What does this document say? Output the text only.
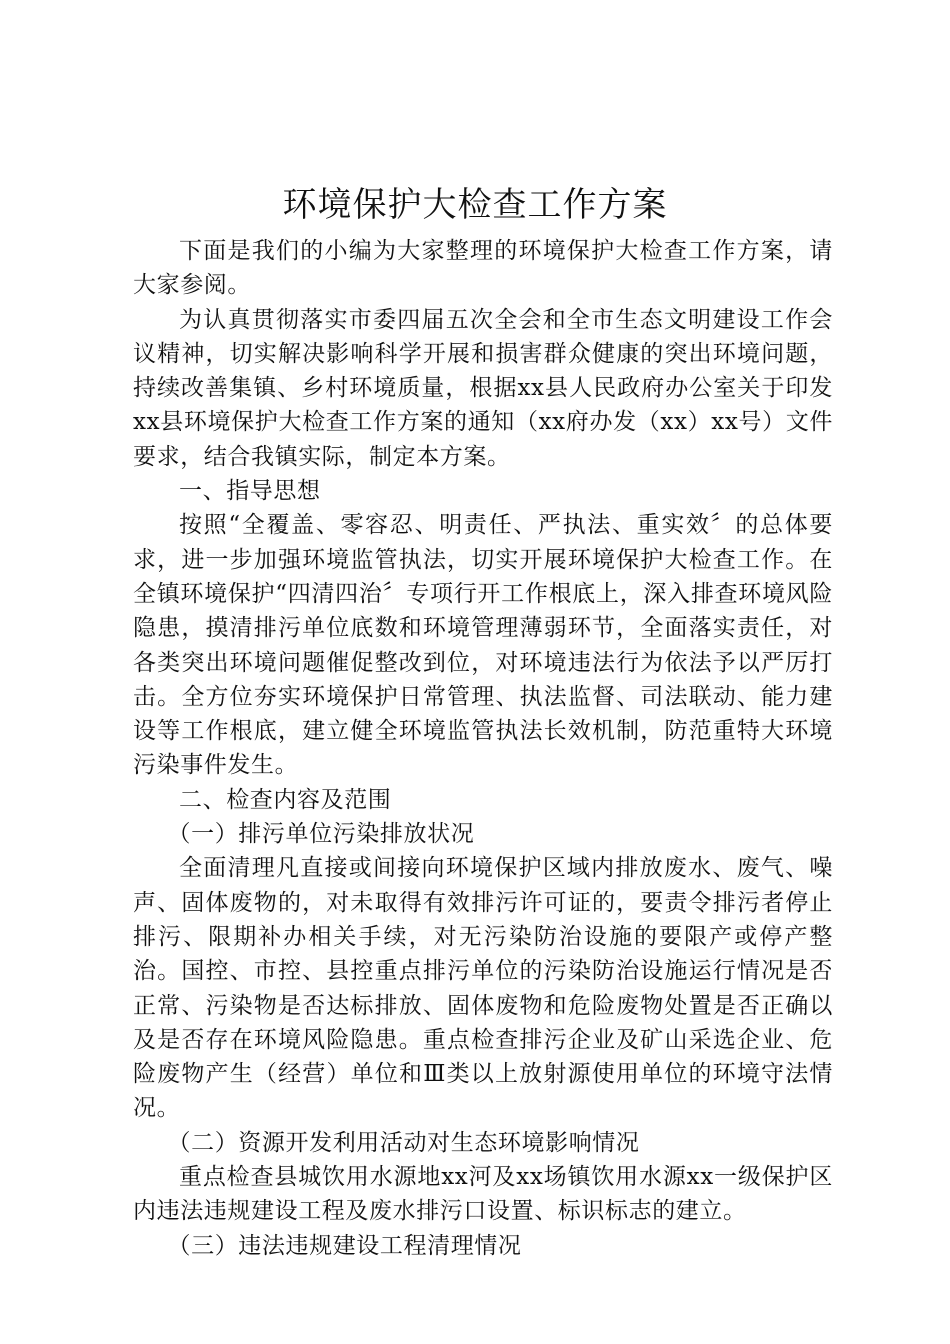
环境保护大检查工作方案

下面是我们的小编为大家整理的环境保护大检查工作方案，请大家参阅。

为认真贯彻落实市委四届五次全会和全市生态文明建设工作会议精神，切实解决影响科学开展和损害群众健康的突出环境问题，持续改善集镇、乡村环境质量，根据xx县人民政府办公室关于印发xx县环境保护大检查工作方案的通知（xx府办发（xx）xx号）文件要求，结合我镇实际，制定本方案。

一、指导思想

按照“全覆盖、零容忍、明责任、严执法、重实效〞的总体要求，进一步加强环境监管执法，切实开展环境保护大检查工作。在全镇环境保护“四清四治〞专项行开工作根底上，深入排查环境风险隐患，摸清排污单位底数和环境管理薄弱环节，全面落实责任，对各类突出环境问题催促整改到位，对环境违法行为依法予以严厉打击。全方位夯实环境保护日常管理、执法监督、司法联动、能力建设等工作根底，建立健全环境监管执法长效机制，防范重特大环境污染事件发生。

二、检查内容及范围

（一）排污单位污染排放状况

全面清理凡直接或间接向环境保护区域内排放废水、废气、噪声、固体废物的，对未取得有效排污许可证的，要责令排污者停止排污、限期补办相关手续，对无污染防治设施的要限产或停产整治。国控、市控、县控重点排污单位的污染防治设施运行情况是否正常、污染物是否达标排放、固体废物和危险废物处置是否正确以及是否存在环境风险隐患。重点检查排污企业及矿山采选企业、危险废物产生（经营）单位和Ⅲ类以上放射源使用单位的环境守法情况。

（二）资源开发利用活动对生态环境影响情况

重点检查县城饮用水源地xx河及xx场镇饮用水源xx一级保护区内违法违规建设工程及废水排污口设置、标识标志的建立。

（三）违法违规建设工程清理情况
